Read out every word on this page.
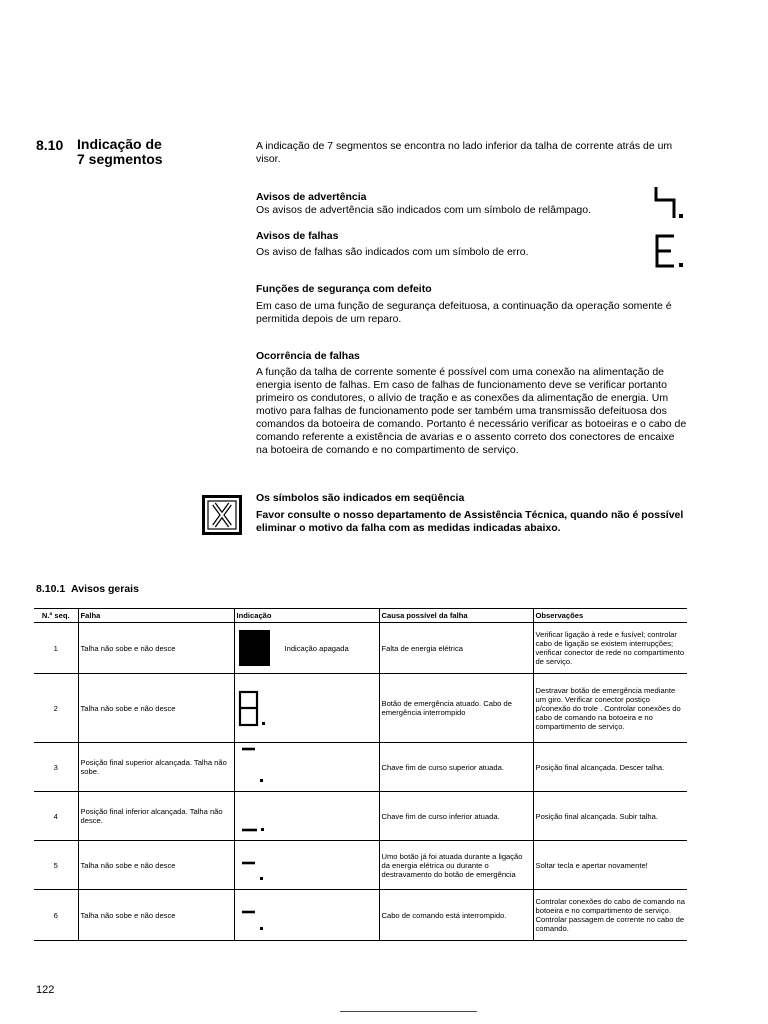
8.10 Indicação de
7 segmentos
A indicação de 7 segmentos se encontra no lado inferior da talha de corrente atrás de um visor.
Avisos de advertência
Os avisos de advertência são indicados com um símbolo de relâmpago.
Avisos de falhas
Os aviso de falhas são indicados com um símbolo de erro.
Funções de segurança com defeito
Em caso de uma função de segurança defeituosa, a continuação da operação somente é permitida depois de um reparo.
Ocorrência de falhas
A função da talha de corrente somente é possível com uma conexão na alimentação de energia isento de falhas. Em caso de falhas de funcionamento deve se verificar portanto primeiro os condutores, o alívio de tração e as conexões da alimentação de energia. Um motivo para falhas de funcionamento pode ser também uma transmissão defeituosa dos comandos da botoeira de comando. Portanto é necessário verificar as botoeiras e o cabo de comando referente a existência de avarias e o assento correto dos conectores de encaixe na botoeira de comando e no compartimento de serviço.
Os símbolos são indicados em seqüência
Favor consulte o nosso departamento de Assistência Técnica, quando não é possível eliminar o motivo da falha com as medidas indicadas abaixo.
8.10.1 Avisos gerais
N.º seq.	Falha	Indicação	Causa possível da falha	Observações
1	Talha não sobe e não desce	Indicação apagada	Falta de energia elétrica	Verificar ligação à rede e fusível; controlar cabo de ligação se existem interrupções; verificar conector de rede no compartimento de serviço.
2	Talha não sobe e não desce		Botão de emergência atuado. Cabo de emergência interrompido	Destravar botão de emergência mediante um giro. Verificar conector postiço p/conexão do trole . Controlar conexões do cabo de comando na botoeira e no compartimento de serviço.
3	Posição final superior alcançada. Talha não sobe.		Chave fim de curso superior atuada.	Posição final alcançada. Descer talha.
4	Posição final inferior alcançada. Talha não desce.		Chave fim de curso inferior atuada.	Posição final alcançada. Subir talha.
5	Talha não sobe e não desce		Umo botão já foi atuada durante a ligação da energia elétrica ou durante o destravamento do botão de emergência	Soltar tecla e apertar novamente!
6	Talha não sobe e não desce		Cabo de comando está interrompido.	Controlar conexões do cabo de comando na botoeira e no compartimento de serviço. Controlar passagem de corrente no cabo de comando.
122
